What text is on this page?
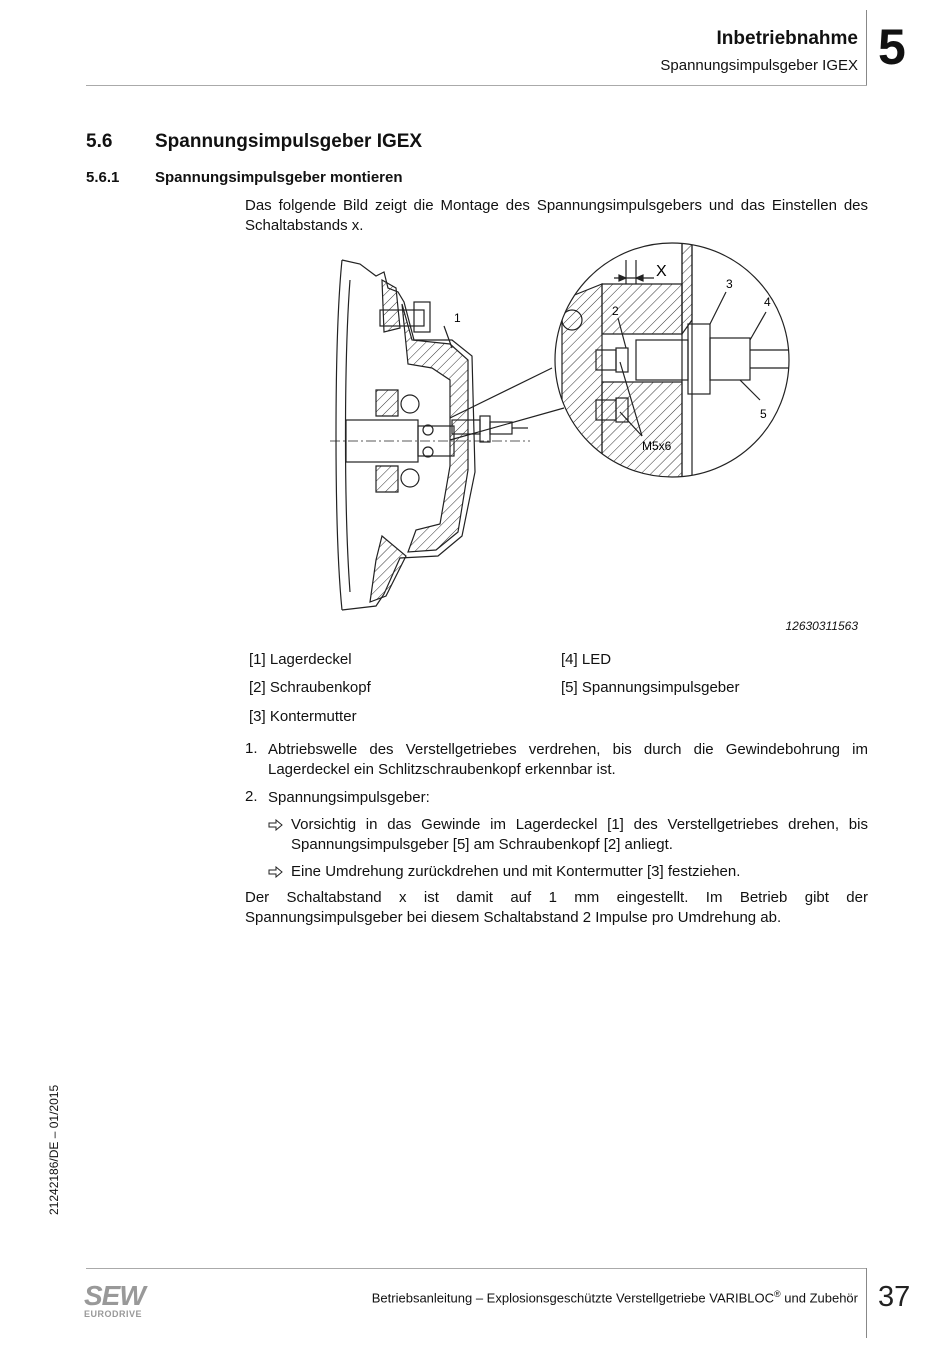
Inbetriebnahme
Spannungsimpulsgeber IGEX 5
5.6 Spannungsimpulsgeber IGEX
5.6.1 Spannungsimpulsgeber montieren
Das folgende Bild zeigt die Montage des Spannungsimpulsgebers und das Einstellen des Schaltabstands x.
1
X
2
3
4
5
M5x6
12630311563
[1] Lagerdeckel
[2] Schraubenkopf
[3] Kontermutter
[4] LED
[5] Spannungsimpulsgeber
1. Abtriebswelle des Verstellgetriebes verdrehen, bis durch die Gewindebohrung im Lagerdeckel ein Schlitzschraubenkopf erkennbar ist.
2. Spannungsimpulsgeber:
Vorsichtig in das Gewinde im Lagerdeckel [1] des Verstellgetriebes drehen, bis Spannungsimpulsgeber [5] am Schraubenkopf [2] anliegt.
Eine Umdrehung zurückdrehen und mit Kontermutter [3] festziehen.
Der Schaltabstand x ist damit auf 1 mm eingestellt. Im Betrieb gibt der Spannungsimpulsgeber bei diesem Schaltabstand 2 Impulse pro Umdrehung ab.
21242186/DE – 01/2015
SEW
EURODRIVE
Betriebsanleitung – Explosionsgeschützte Verstellgetriebe VARIBLOC® und Zubehör 37
